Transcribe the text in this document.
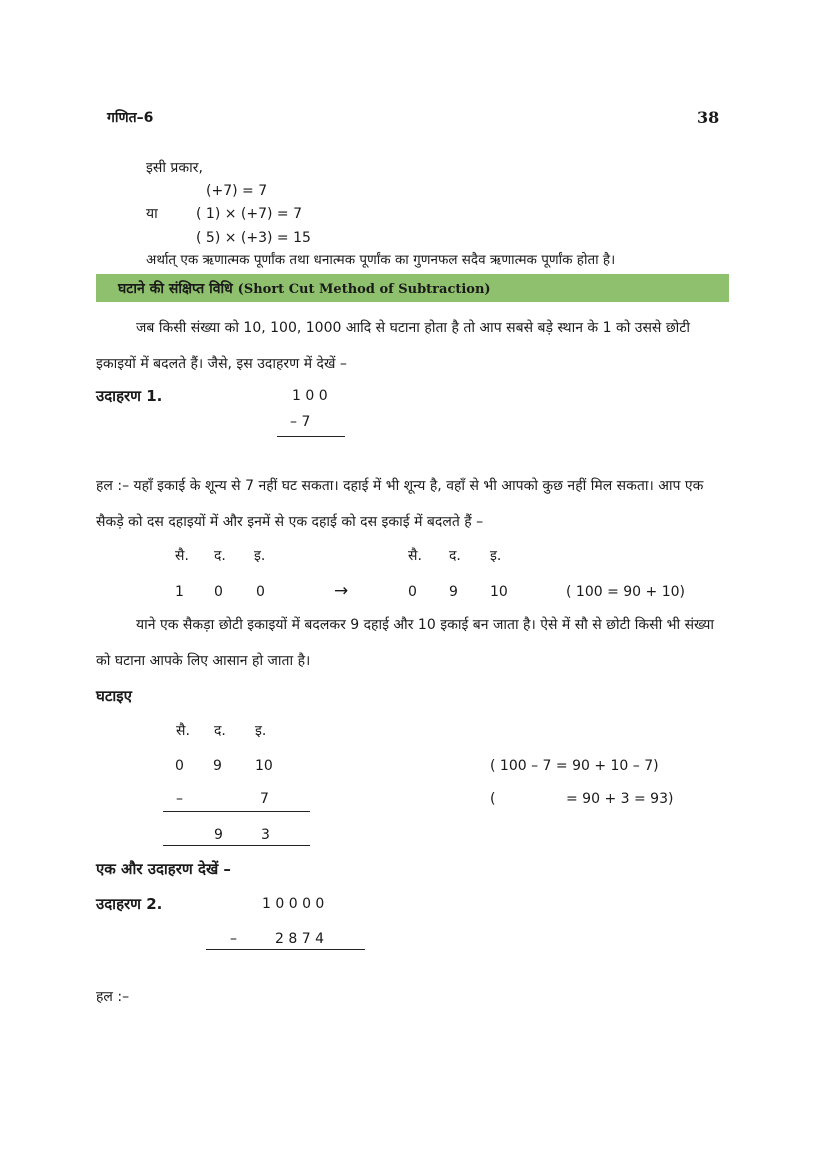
गणित–6	38
इसी प्रकार,
(+7) = 7
या	( 1) × (+7) = 7
( 5) × (+3) = 15
अर्थात् एक ऋणात्मक पूर्णांक तथा धनात्मक पूर्णांक का गुणनफल सदैव ऋणात्मक पूर्णांक होता है।
घटाने की संक्षिप्त विधि (Short Cut Method of Subtraction)
जब किसी संख्या को 10, 100, 1000 आदि से घटाना होता है तो आप सबसे बड़े स्थान के 1 को उससे छोटी इकाइयों में बदलते हैं। जैसे, इस उदाहरण में देखें –
उदाहरण 1.	1 0 0
– 7
हल :– यहाँ इकाई के शून्य से 7 नहीं घट सकता। दहाई में भी शून्य है, वहाँ से भी आपको कुछ नहीं मिल सकता। आप एक सैकड़े को दस दहाइयों में और इनमें से एक दहाई को दस इकाई में बदलते हैं –
सै. द. इ.	सै. द. इ.
1 0 0	→	0 9 10	( 100 = 90 + 10)
याने एक सैकड़ा छोटी इकाइयों में बदलकर 9 दहाई और 10 इकाई बन जाता है। ऐसे में सौ से छोटी किसी भी संख्या को घटाना आपके लिए आसान हो जाता है।
घटाइए
सै. द. इ.
0 9 10	( 100 – 7 = 90 + 10 – 7)
–	7	(	= 90 + 3 = 93)
9	3
एक और उदाहरण देखें –
उदाहरण 2.	1 0 0 0 0
–	2 8 7 4
हल :–
